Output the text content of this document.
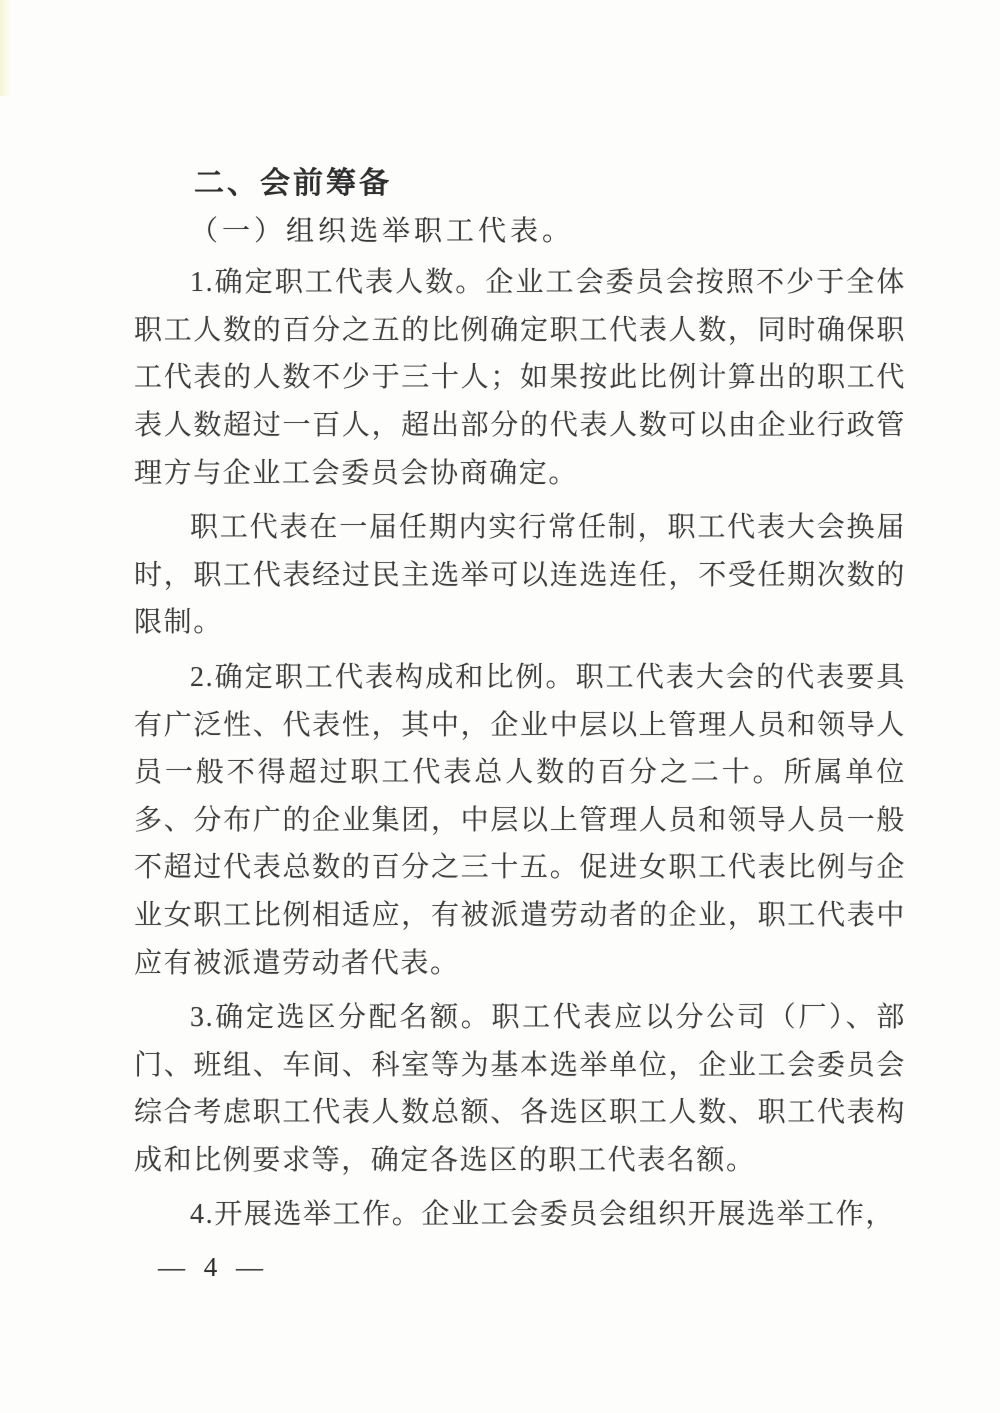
二、会前筹备
（一）组织选举职工代表。

1.确定职工代表人数。企业工会委员会按照不少于全体职工人数的百分之五的比例确定职工代表人数，同时确保职工代表的人数不少于三十人；如果按此比例计算出的职工代表人数超过一百人，超出部分的代表人数可以由企业行政管理方与企业工会委员会协商确定。

职工代表在一届任期内实行常任制，职工代表大会换届时，职工代表经过民主选举可以连选连任，不受任期次数的限制。

2.确定职工代表构成和比例。职工代表大会的代表要具有广泛性、代表性，其中，企业中层以上管理人员和领导人员一般不得超过职工代表总人数的百分之二十。所属单位多、分布广的企业集团，中层以上管理人员和领导人员一般不超过代表总数的百分之三十五。促进女职工代表比例与企业女职工比例相适应，有被派遣劳动者的企业，职工代表中应有被派遣劳动者代表。

3.确定选区分配名额。职工代表应以分公司（厂）、部门、班组、车间、科室等为基本选举单位，企业工会委员会综合考虑职工代表人数总额、各选区职工人数、职工代表构成和比例要求等，确定各选区的职工代表名额。

4.开展选举工作。企业工会委员会组织开展选举工作，

— 4 —
